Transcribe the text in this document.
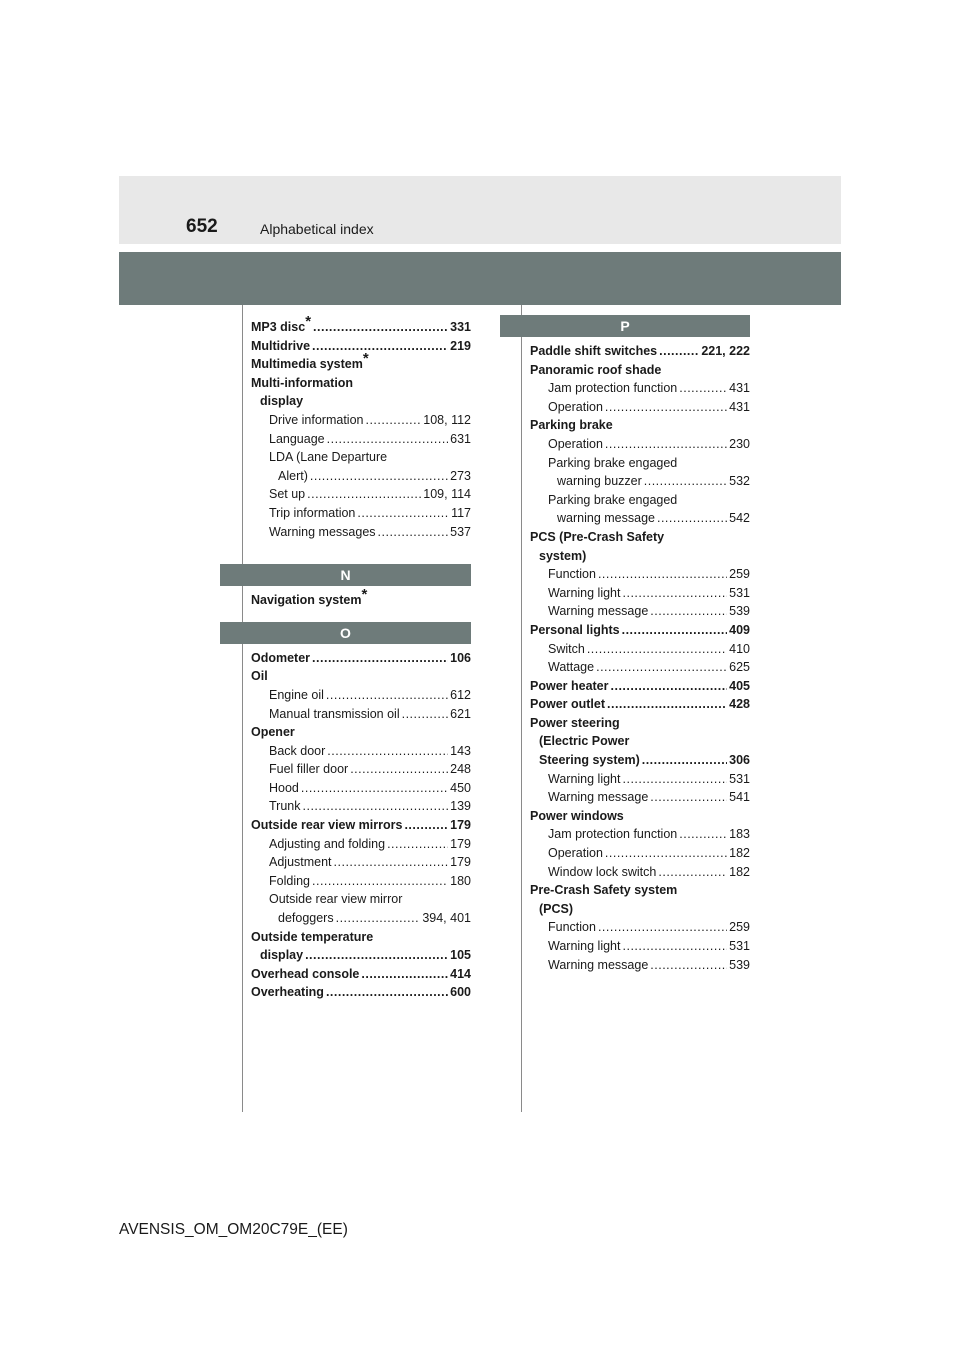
652	Alphabetical index
MP3 disc* .....	331
Multidrive .....	219
Multimedia system*
Multi-information
display
Drive information .....	108, 112
Language .....	631
LDA (Lane Departure
Alert) .....	273
Set up .....	109, 114
Trip information .....	117
Warning messages .....	537
N
Navigation system*
O
Odometer .....	106
Oil
Engine oil .....	612
Manual transmission oil .....	621
Opener
Back door .....	143
Fuel filler door .....	248
Hood .....	450
Trunk .....	139
Outside rear view mirrors .....	179
Adjusting and folding .....	179
Adjustment .....	179
Folding .....	180
Outside rear view mirror
defoggers .....	394, 401
Outside temperature
display .....	105
Overhead console .....	414
Overheating .....	600
P
Paddle shift switches .....	221, 222
Panoramic roof shade
Jam protection function .....	431
Operation .....	431
Parking brake
Operation .....	230
Parking brake engaged
warning buzzer .....	532
Parking brake engaged
warning message .....	542
PCS (Pre-Crash Safety
system)
Function .....	259
Warning light .....	531
Warning message .....	539
Personal lights .....	409
Switch .....	410
Wattage .....	625
Power heater .....	405
Power outlet .....	428
Power steering
(Electric Power
Steering system) .....	306
Warning light .....	531
Warning message .....	541
Power windows
Jam protection function .....	183
Operation .....	182
Window lock switch .....	182
Pre-Crash Safety system
(PCS)
Function .....	259
Warning light .....	531
Warning message .....	539
AVENSIS_OM_OM20C79E_(EE)
